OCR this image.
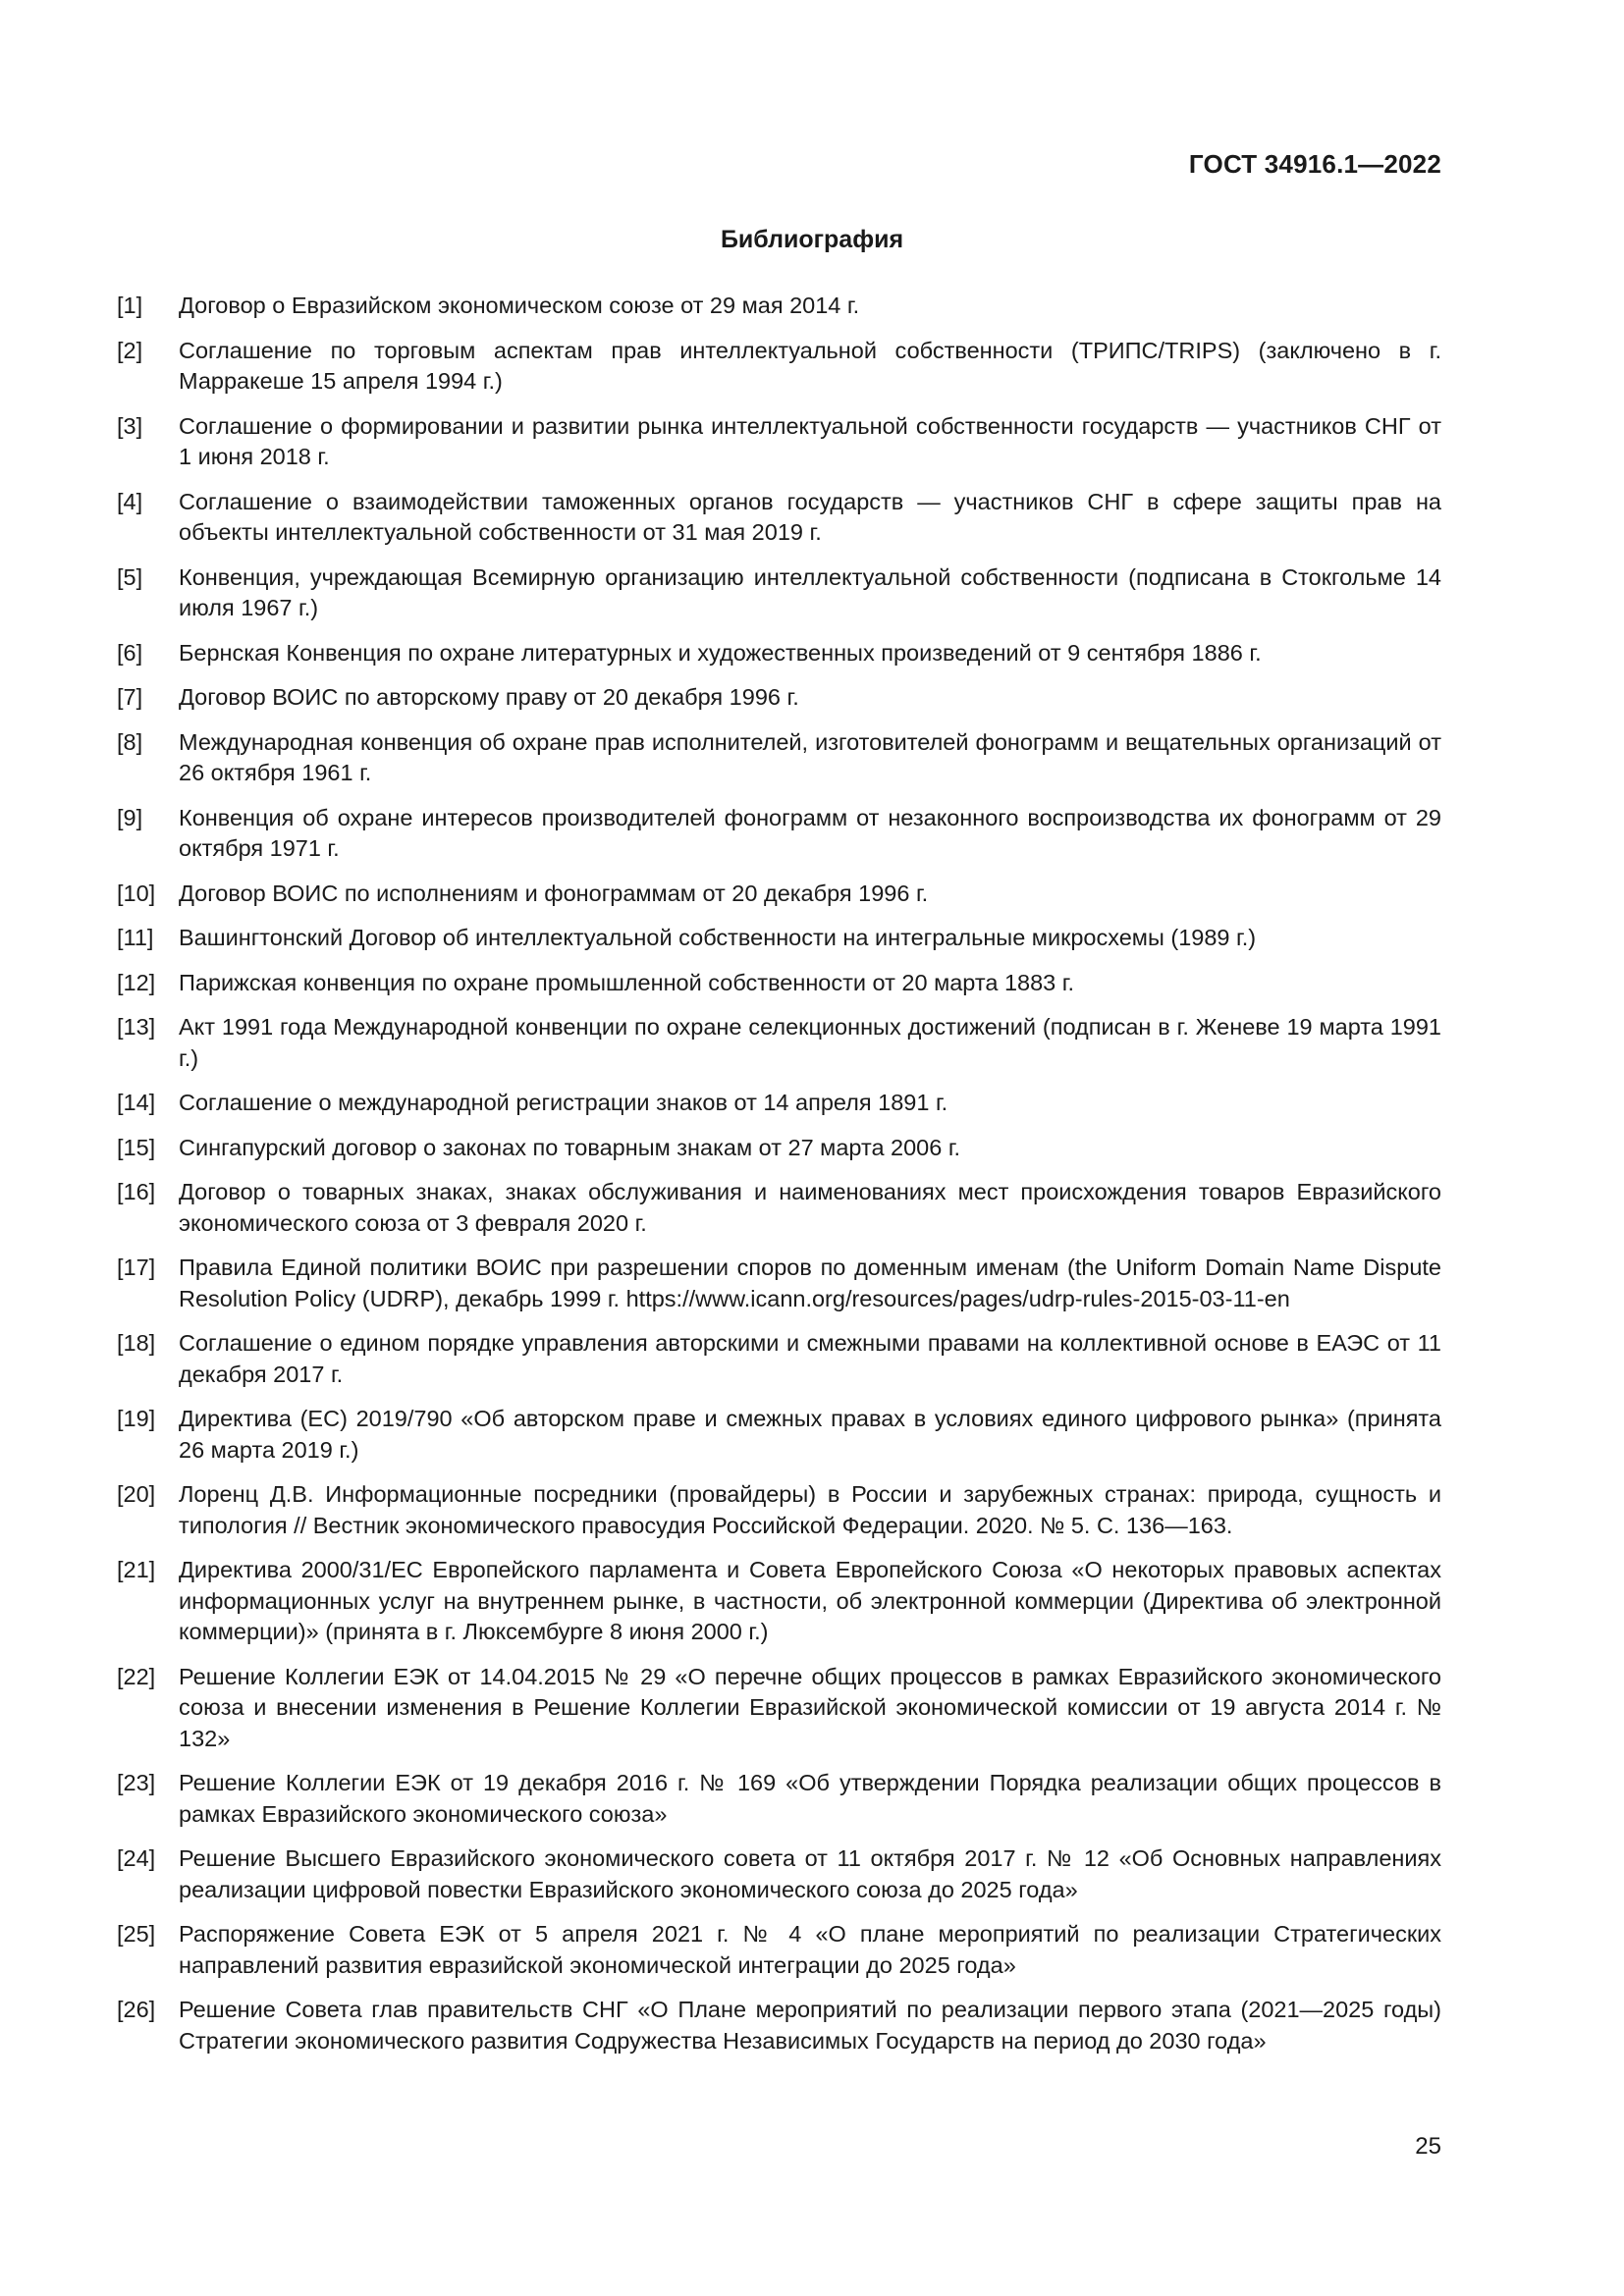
ГОСТ 34916.1—2022
Библиография
[1]	Договор о Евразийском экономическом союзе от 29 мая 2014 г.
[2]	Соглашение по торговым аспектам прав интеллектуальной собственности (ТРИПС/TRIPS) (заключено в г. Марракеше 15 апреля 1994 г.)
[3]	Соглашение о формировании и развитии рынка интеллектуальной собственности государств — участников СНГ от 1 июня 2018 г.
[4]	Соглашение о взаимодействии таможенных органов государств — участников СНГ в сфере защиты прав на объекты интеллектуальной собственности от 31 мая 2019 г.
[5]	Конвенция, учреждающая Всемирную организацию интеллектуальной собственности (подписана в Стокгольме 14 июля 1967 г.)
[6]	Бернская Конвенция по охране литературных и художественных произведений от 9 сентября 1886 г.
[7]	Договор ВОИС по авторскому праву от 20 декабря 1996 г.
[8]	Международная конвенция об охране прав исполнителей, изготовителей фонограмм и вещательных организаций от 26 октября 1961 г.
[9]	Конвенция об охране интересов производителей фонограмм от незаконного воспроизводства их фонограмм от 29 октября 1971 г.
[10]	Договор ВОИС по исполнениям и фонограммам от 20 декабря 1996 г.
[11]	Вашингтонский Договор об интеллектуальной собственности на интегральные микросхемы (1989 г.)
[12]	Парижская конвенция по охране промышленной собственности от 20 марта 1883 г.
[13]	Акт 1991 года Международной конвенции по охране селекционных достижений (подписан в г. Женеве 19 марта 1991 г.)
[14]	Соглашение о международной регистрации знаков от 14 апреля 1891 г.
[15]	Сингапурский договор о законах по товарным знакам от 27 марта 2006 г.
[16]	Договор о товарных знаках, знаках обслуживания и наименованиях мест происхождения товаров Евразийского экономического союза от 3 февраля 2020 г.
[17]	Правила Единой политики ВОИС при разрешении споров по доменным именам (the Uniform Domain Name Dispute Resolution Policy (UDRP), декабрь 1999 г. https://www.icann.org/resources/pages/udrp-rules-2015-03-11-en
[18]	Соглашение о едином порядке управления авторскими и смежными правами на коллективной основе в ЕАЭС от 11 декабря 2017 г.
[19]	Директива (ЕС) 2019/790 «Об авторском праве и смежных правах в условиях единого цифрового рынка» (принята 26 марта 2019 г.)
[20]	Лоренц Д.В. Информационные посредники (провайдеры) в России и зарубежных странах: природа, сущность и типология // Вестник экономического правосудия Российской Федерации. 2020. № 5. С. 136—163.
[21]	Директива 2000/31/ЕС Европейского парламента и Совета Европейского Союза «О некоторых правовых аспектах информационных услуг на внутреннем рынке, в частности, об электронной коммерции (Директива об электронной коммерции)» (принята в г. Люксембурге 8 июня 2000 г.)
[22]	Решение Коллегии ЕЭК от 14.04.2015 № 29 «О перечне общих процессов в рамках Евразийского экономического союза и внесении изменения в Решение Коллегии Евразийской экономической комиссии от 19 августа 2014 г. № 132»
[23]	Решение Коллегии ЕЭК от 19 декабря 2016 г. № 169 «Об утверждении Порядка реализации общих процессов в рамках Евразийского экономического союза»
[24]	Решение Высшего Евразийского экономического совета от 11 октября 2017 г. № 12 «Об Основных направлениях реализации цифровой повестки Евразийского экономического союза до 2025 года»
[25]	Распоряжение Совета ЕЭК от 5 апреля 2021 г. № 4 «О плане мероприятий по реализации Стратегических направлений развития евразийской экономической интеграции до 2025 года»
[26]	Решение Совета глав правительств СНГ «О Плане мероприятий по реализации первого этапа (2021—2025 годы) Стратегии экономического развития Содружества Независимых Государств на период до 2030 года»
25
